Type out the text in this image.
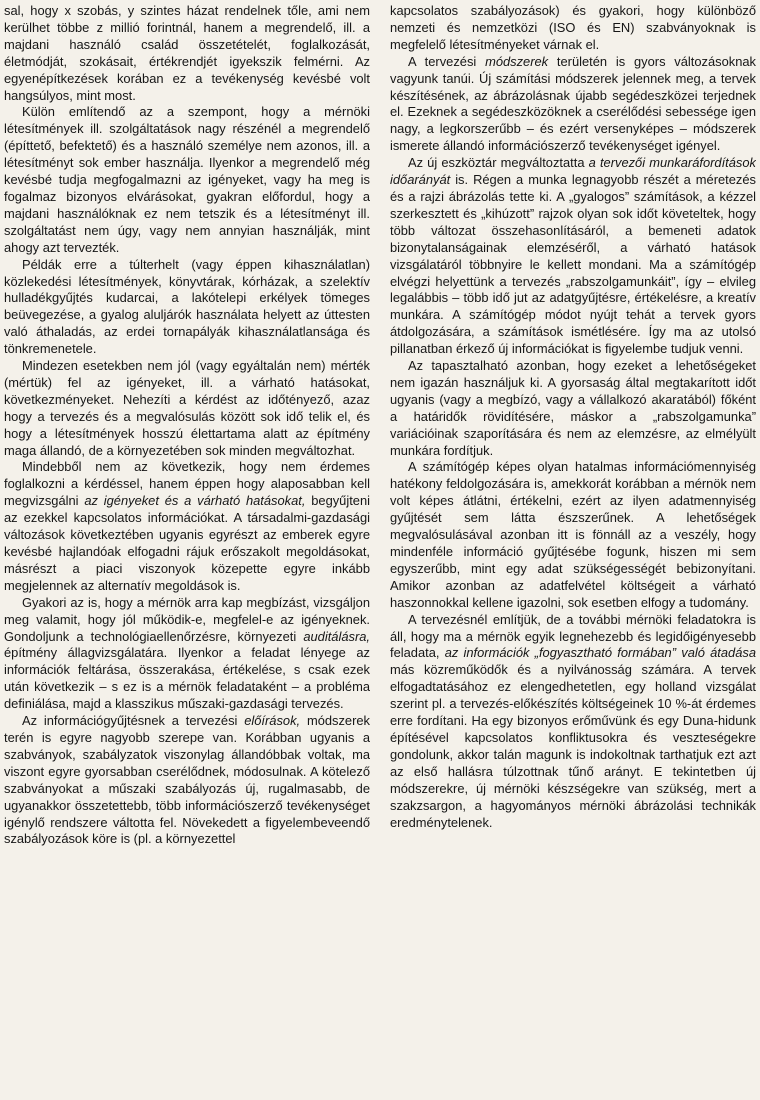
sal, hogy x szobás, y szintes házat rendelnek tőle, ami nem kerülhet többe z millió forintnál, hanem a megrendelő, ill. a majdani használó család összetételét, foglalkozását, életmódját, szokásait, értékrendjét igyekszik felmérni. Az egyenépítkezések korában ez a tevékenység kevésbé volt hangsúlyos, mint most.

Külön említendő az a szempont, hogy a mérnöki létesítmények ill. szolgáltatások nagy részénél a megrendelő (építtető, befektető) és a használó személye nem azonos, ill. a létesítményt sok ember használja. Ilyenkor a megrendelő még kevésbé tudja megfogalmazni az igényeket, vagy ha meg is fogalmaz bizonyos elvárásokat, gyakran előfordul, hogy a majdani használóknak ez nem tetszik és a létesítményt ill. szolgáltatást nem úgy, vagy nem annyian használják, mint ahogy azt tervezték.

Példák erre a túlterhelt (vagy éppen kihasználatlan) közlekedési létesítmények, könyvtárak, kórházak, a szelektív hulladékgyűjtés kudarcai, a lakótelepi erkélyek tömeges beüvegezése, a gyalog aluljárók használata helyett az úttesten való áthaladás, az erdei tornapályák kihasználatlansága és tönkremenetele.

Mindezen esetekben nem jól (vagy egyáltalán nem) mérték (mértük) fel az igényeket, ill. a várható hatásokat, következményeket. Nehezíti a kérdést az időtényező, azaz hogy a tervezés és a megvalósulás között sok idő telik el, és hogy a létesítmények hosszú élettartama alatt az építmény maga állandó, de a környezetében sok minden megváltozhat.

Mindebből nem az következik, hogy nem érdemes foglalkozni a kérdéssel, hanem éppen hogy alaposabban kell megvizsgálni az igényeket és a várható hatásokat, begyűjteni az ezekkel kapcsolatos információkat. A társadalmi-gazdasági változások következtében ugyanis egyrészt az emberek egyre kevésbé hajlandóak elfogadni rájuk erőszakolt megoldásokat, másrészt a piaci viszonyok közepette egyre inkább megjelennek az alternatív megoldások is.

Gyakori az is, hogy a mérnök arra kap megbízást, vizsgáljon meg valamit, hogy jól működik-e, megfelel-e az igényeknek. Gondoljunk a technológiaellenőrzésre, környezeti auditálásra, építmény állagvizsgálatára. Ilyenkor a feladat lényege az információk feltárása, összerakása, értékelése, s csak ezek után következik – s ez is a mérnök feladataként – a probléma definiálása, majd a klasszikus műszaki-gazdasági tervezés.

Az információgyűjtésnek a tervezési előírások, módszerek terén is egyre nagyobb szerepe van. Korábban ugyanis a szabványok, szabályzatok viszonylag állandóbbak voltak, ma viszont egyre gyorsabban cserélődnek, módosulnak. A kötelező szabványokat a műszaki szabályozás új, rugalmasabb, de ugyanakkor összetettebb, több információszerző tevékenységet igénylő rendszere váltotta fel. Növekedett a figyelembeveendő szabályozások köre is (pl. a környezettel

kapcsolatos szabályozások) és gyakori, hogy különböző nemzeti és nemzetközi (ISO és EN) szabványoknak is megfelelő létesítményeket várnak el.

A tervezési módszerek területén is gyors változásoknak vagyunk tanúi. Új számítási módszerek jelennek meg, a tervek készítésének, az ábrázolásnak újabb segédeszközei terjednek el. Ezeknek a segédeszközöknek a cserélődési sebessége igen nagy, a legkorszerűbb – és ezért versenyképes – módszerek ismerete állandó információszerző tevékenységet igényel.

Az új eszköztár megváltoztatta a tervezői munkaráfordítások időarányát is. Régen a munka legnagyobb részét a méretezés és a rajzi ábrázolás tette ki. A „gyalogos” számítások, a kézzel szerkesztett és „kihúzott” rajzok olyan sok időt követeltek, hogy több változat összehasonlításáról, a bemeneti adatok bizonytalanságainak elemzéséről, a várható hatások vizsgálatáról többnyire le kellett mondani. Ma a számítógép elvégzi helyettünk a tervezés „rabszolgamunkáit”, így – elvileg legalábbis – több idő jut az adatgyűjtésre, értékelésre, a kreatív munkára. A számítógép módot nyújt tehát a tervek gyors átdolgozására, a számítások ismétlésére. Így ma az utolsó pillanatban érkező új információkat is figyelembe tudjuk venni.

Az tapasztalható azonban, hogy ezeket a lehetőségeket nem igazán használjuk ki. A gyorsaság által megtakarított időt ugyanis (vagy a megbízó, vagy a vállalkozó akaratából) főként a határidők rövidítésére, máskor a „rabszolgamunka” variációinak szaporítására és nem az elemzésre, az elmélyült munkára fordítjuk.

A számítógép képes olyan hatalmas információmennyiség hatékony feldolgozására is, amekkorát korábban a mérnök nem volt képes átlátni, értékelni, ezért az ilyen adatmennyiség gyűjtését sem látta észszerűnek. A lehetőségek megvalósulásával azonban itt is fönnáll az a veszély, hogy mindenféle információ gyűjtésébe fogunk, hiszen mi sem egyszerűbb, mint egy adat szükségességét bebizonyítani. Amikor azonban az adatfelvétel költségeit a várható haszonnokkal kellene igazolni, sok esetben elfogy a tudomány.

A tervezésnél említjük, de a további mérnöki feladatokra is áll, hogy ma a mérnök egyik legnehezebb és legidőigényesebb feladata, az információk „fogyasztható formában” való átadása más közreműködők és a nyilvánosság számára. A tervek elfogadtatásához ez elengedhetetlen, egy holland vizsgálat szerint pl. a tervezés-előkészítés költségeinek 10 %-át érdemes erre fordítani. Ha egy bizonyos erőművünk és egy Duna-hidunk építésével kapcsolatos konfliktusokra és veszteségekre gondolunk, akkor talán magunk is indokoltnak tarthatjuk ezt azt az első hallásra túlzottnak tűnő arányt. E tekintetben új módszerekre, új mérnöki készségekre van szükség, mert a szakzsargon, a hagyományos mérnöki ábrázolási technikák eredménytelenek.
